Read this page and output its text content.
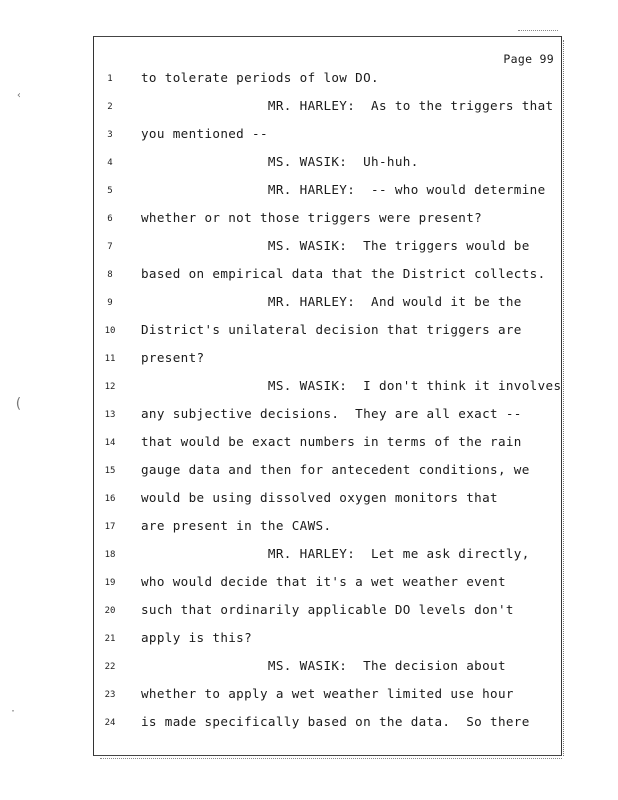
‹
(
·
Page 99
1	to tolerate periods of low DO.
2	MR. HARLEY:  As to the triggers that
3	you mentioned --
4	MS. WASIK:  Uh-huh.
5	MR. HARLEY:  -- who would determine
6	whether or not those triggers were present?
7	MS. WASIK:  The triggers would be
8	based on empirical data that the District collects.
9	MR. HARLEY:  And would it be the
10	District's unilateral decision that triggers are
11	present?
12	MS. WASIK:  I don't think it involves
13	any subjective decisions.  They are all exact --
14	that would be exact numbers in terms of the rain
15	gauge data and then for antecedent conditions, we
16	would be using dissolved oxygen monitors that
17	are present in the CAWS.
18	MR. HARLEY:  Let me ask directly,
19	who would decide that it's a wet weather event
20	such that ordinarily applicable DO levels don't
21	apply is this?
22	MS. WASIK:  The decision about
23	whether to apply a wet weather limited use hour
24	is made specifically based on the data.  So there
